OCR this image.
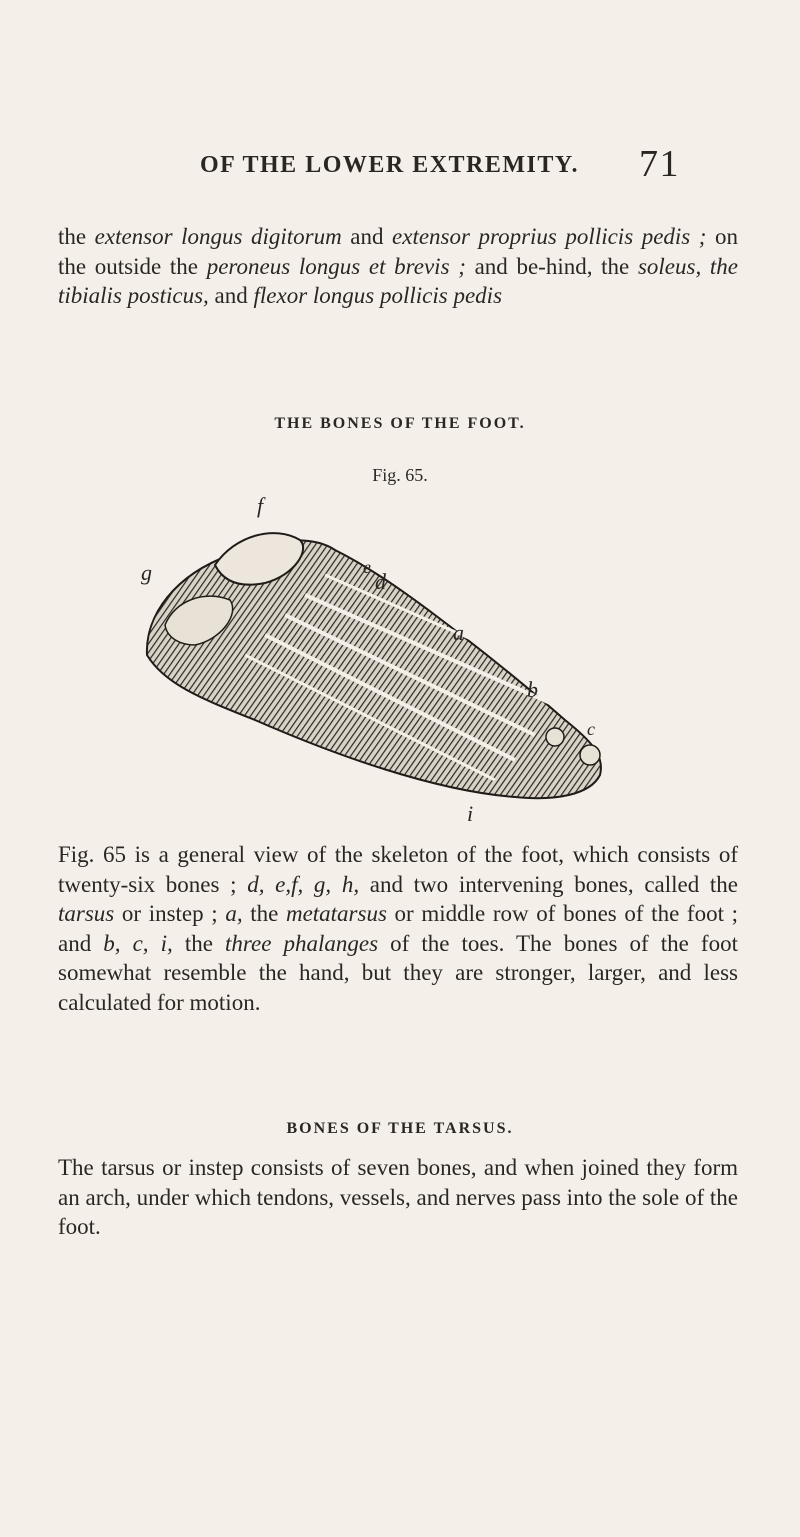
OF THE LOWER EXTREMITY. 71
the extensor longus digitorum and extensor proprius pollicis pedis ; on the outside the peroneus longus et brevis ; and be-hind, the soleus, the tibialis posticus, and flexor longus pollicis pedis
THE BONES OF THE FOOT.
Fig. 65.
f
g	e
d
a
b
c
i
Fig. 65 is a general view of the skeleton of the foot, which consists of twenty-six bones ; d, e,f, g, h, and two intervening bones, called the tarsus or instep ; a, the metatarsus or middle row of bones of the foot ; and b, c, i, the three phalanges of the toes. The bones of the foot somewhat resemble the hand, but they are stronger, larger, and less calculated for motion.
BONES OF THE TARSUS.
The tarsus or instep consists of seven bones, and when joined they form an arch, under which tendons, vessels, and nerves pass into the sole of the foot.
